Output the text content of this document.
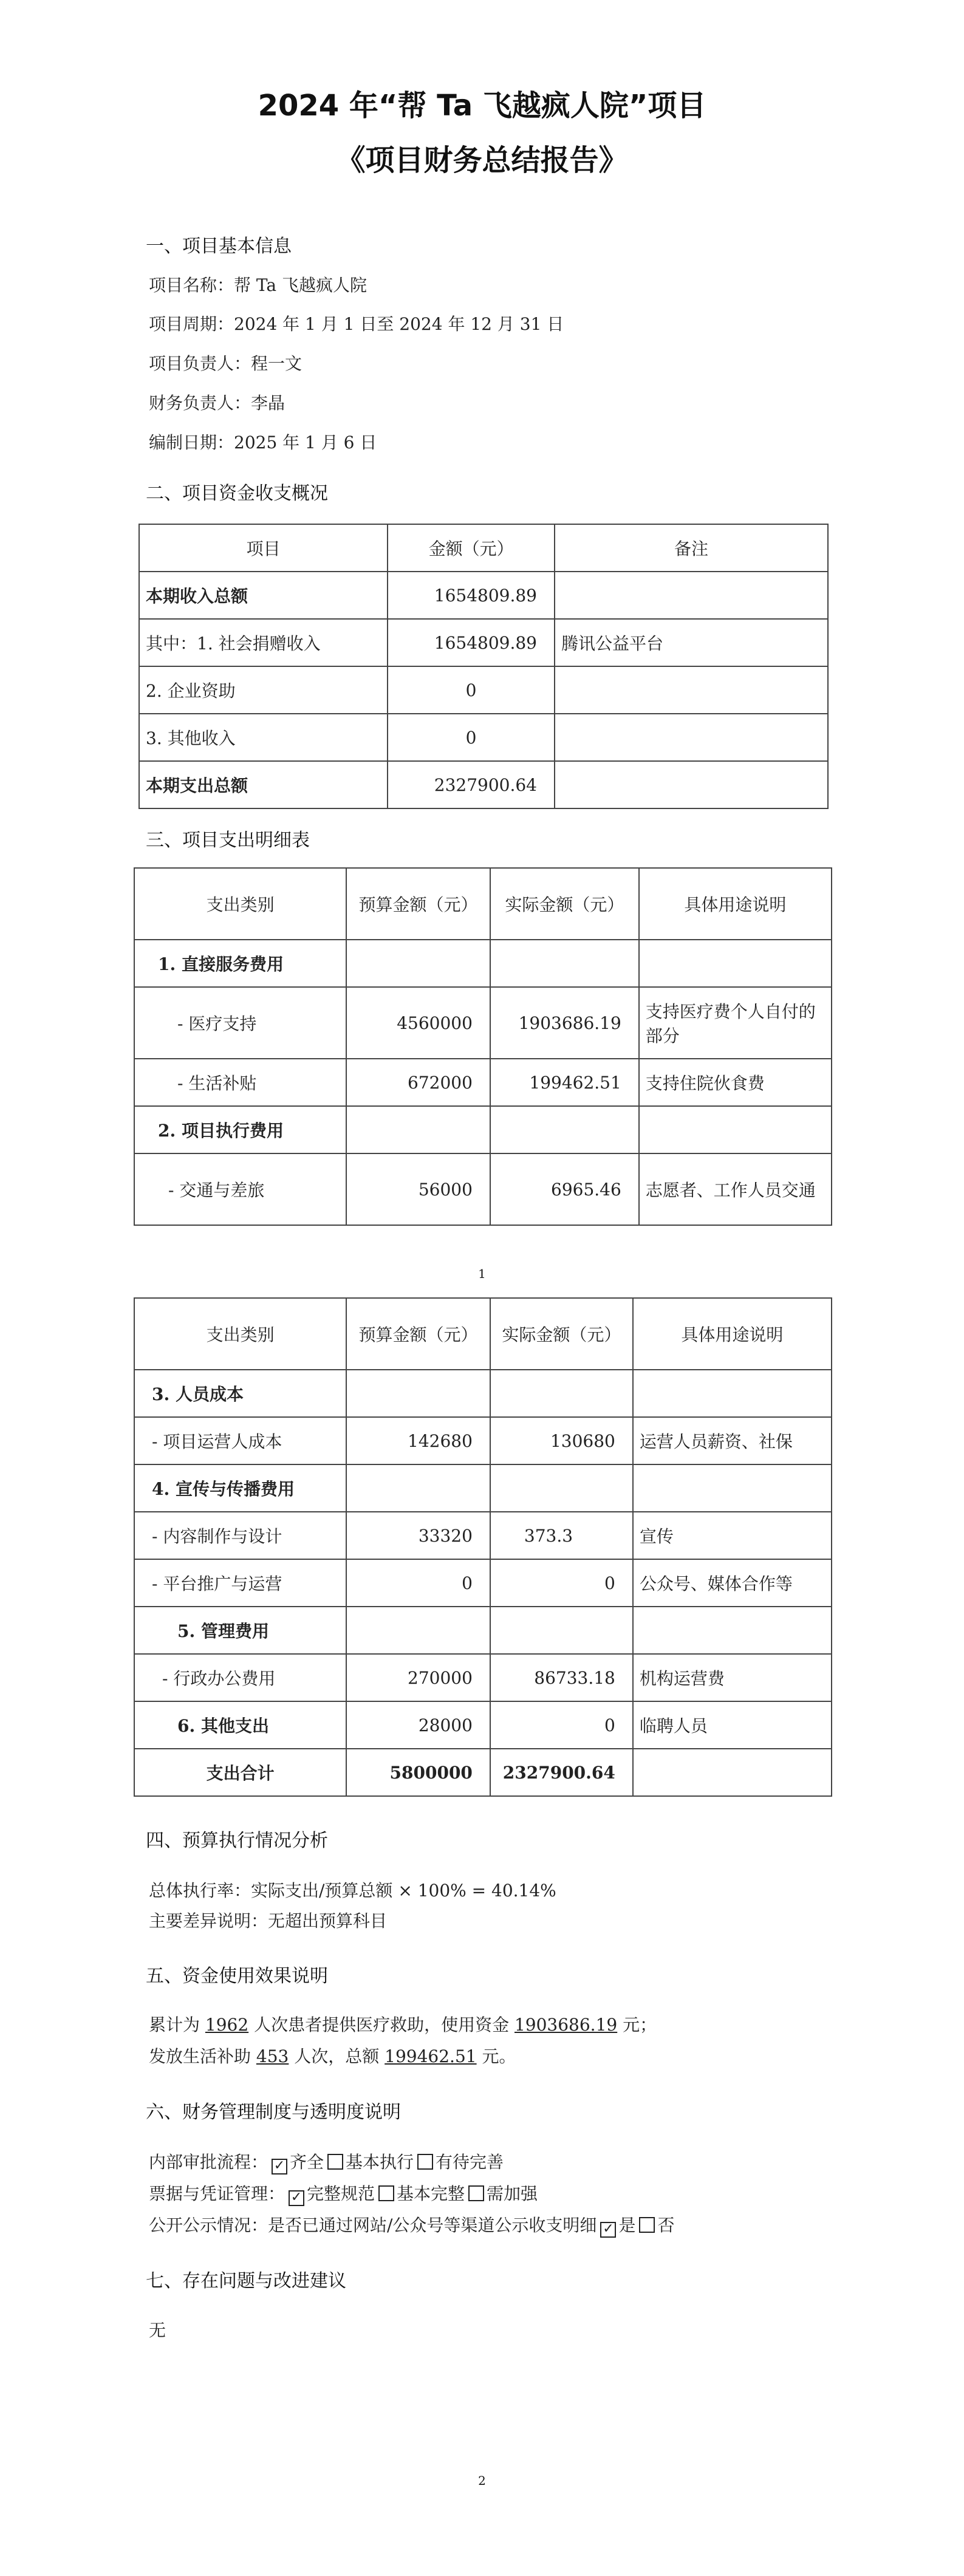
2024 年“帮 Ta 飞越疯人院”项目
《项目财务总结报告》
一、项目基本信息
项目名称：帮 Ta 飞越疯人院
项目周期：2024 年 1 月 1 日至 2024 年 12 月 31 日
项目负责人：程一文
财务负责人：李晶
编制日期：2025 年 1 月 6 日
二、项目资金收支概况
项目	金额（元）	备注
本期收入总额	1654809.89	
其中：1. 社会捐赠收入	1654809.89	腾讯公益平台
2. 企业资助	0	
3. 其他收入	0	
本期支出总额	2327900.64	
三、项目支出明细表
支出类别	预算金额（元）	实际金额（元）	具体用途说明
1. 直接服务费用			
- 医疗支持	4560000	1903686.19	支持医疗费个人自付的部分
- 生活补贴	672000	199462.51	支持住院伙食费
2. 项目执行费用			
- 交通与差旅	56000	6965.46	志愿者、工作人员交通
1
支出类别	预算金额（元）	实际金额（元）	具体用途说明
3. 人员成本			
- 项目运营人成本	142680	130680	运营人员薪资、社保
4. 宣传与传播费用			
- 内容制作与设计	33320	373.3	宣传
- 平台推广与运营	0	0	公众号、媒体合作等
5. 管理费用			
- 行政办公费用	270000	86733.18	机构运营费
6. 其他支出	28000	0	临聘人员
支出合计	5800000	2327900.64	
四、预算执行情况分析
总体执行率：实际支出/预算总额 × 100% = 40.14%
主要差异说明：无超出预算科目
五、资金使用效果说明
累计为 1962 人次患者提供医疗救助，使用资金 1903686.19 元；
发放生活补助 453 人次，总额 199462.51 元。
六、财务管理制度与透明度说明
内部审批流程： ✓ 齐全 基本执行 有待完善
票据与凭证管理： ✓ 完整规范 基本完整 需加强
公开公示情况：是否已通过网站/公众号等渠道公示收支明细 ✓ 是 否
七、存在问题与改进建议
无
2
